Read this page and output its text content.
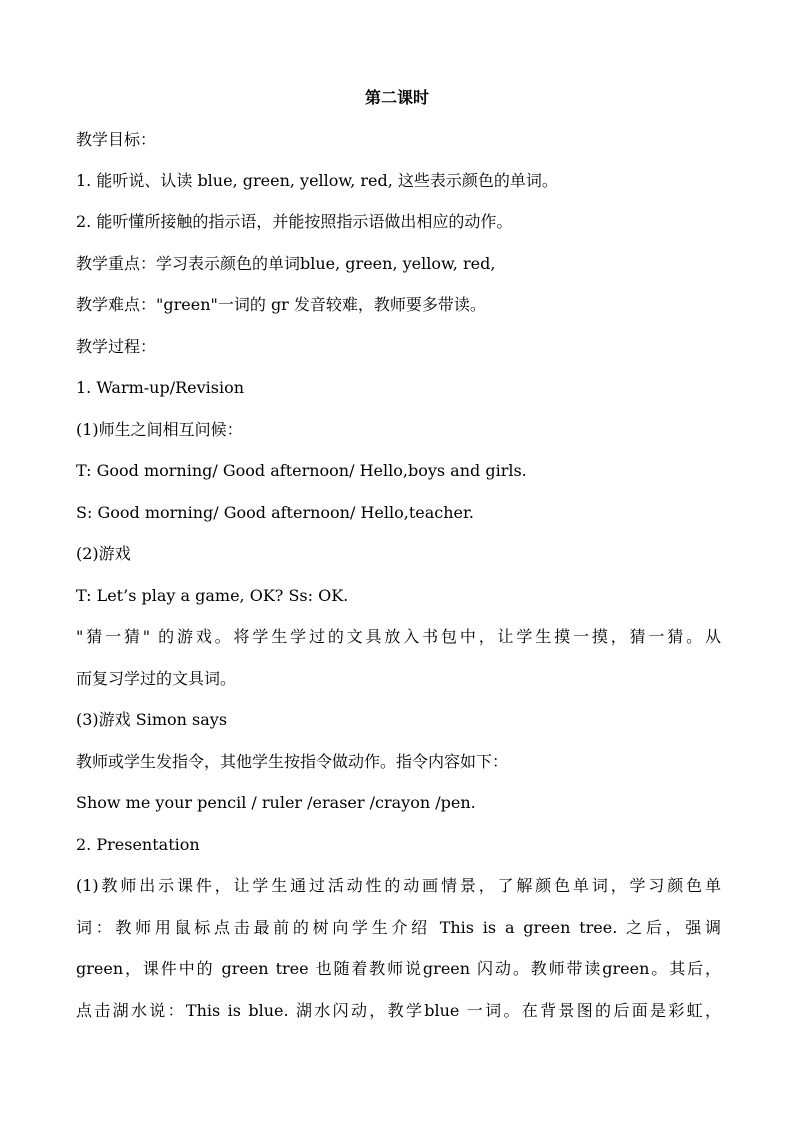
第二课时
教学目标：
1. 能听说、认读 blue, green, yellow, red, 这些表示颜色的单词。
2. 能听懂所接触的指示语，并能按照指示语做出相应的动作。
教学重点：学习表示颜色的单词blue, green, yellow, red,
教学难点："green"一词的 gr 发音较难，教师要多带读。
教学过程：
1. Warm-up/Revision
(1)师生之间相互问候：
T: Good morning/ Good afternoon/ Hello,boys and girls.
S: Good morning/ Good afternoon/ Hello,teacher.
(2)游戏
T: Let’s play a game, OK? Ss: OK.
"猜一猜" 的游戏。将学生学过的文具放入书包中，让学生摸一摸，猜一猜。从
而复习学过的文具词。
(3)游戏 Simon says
教师或学生发指令，其他学生按指令做动作。指令内容如下：
Show me your pencil / ruler /eraser /crayon /pen.
2. Presentation
(1)教师出示课件，让学生通过活动性的动画情景，了解颜色单词，学习颜色单
词：教师用鼠标点击最前的树向学生介绍 This is a green tree. 之后，强调
green，课件中的 green tree 也随着教师说green 闪动。教师带读green。其后，
点击湖水说：This is blue. 湖水闪动，教学blue 一词。在背景图的后面是彩虹，
